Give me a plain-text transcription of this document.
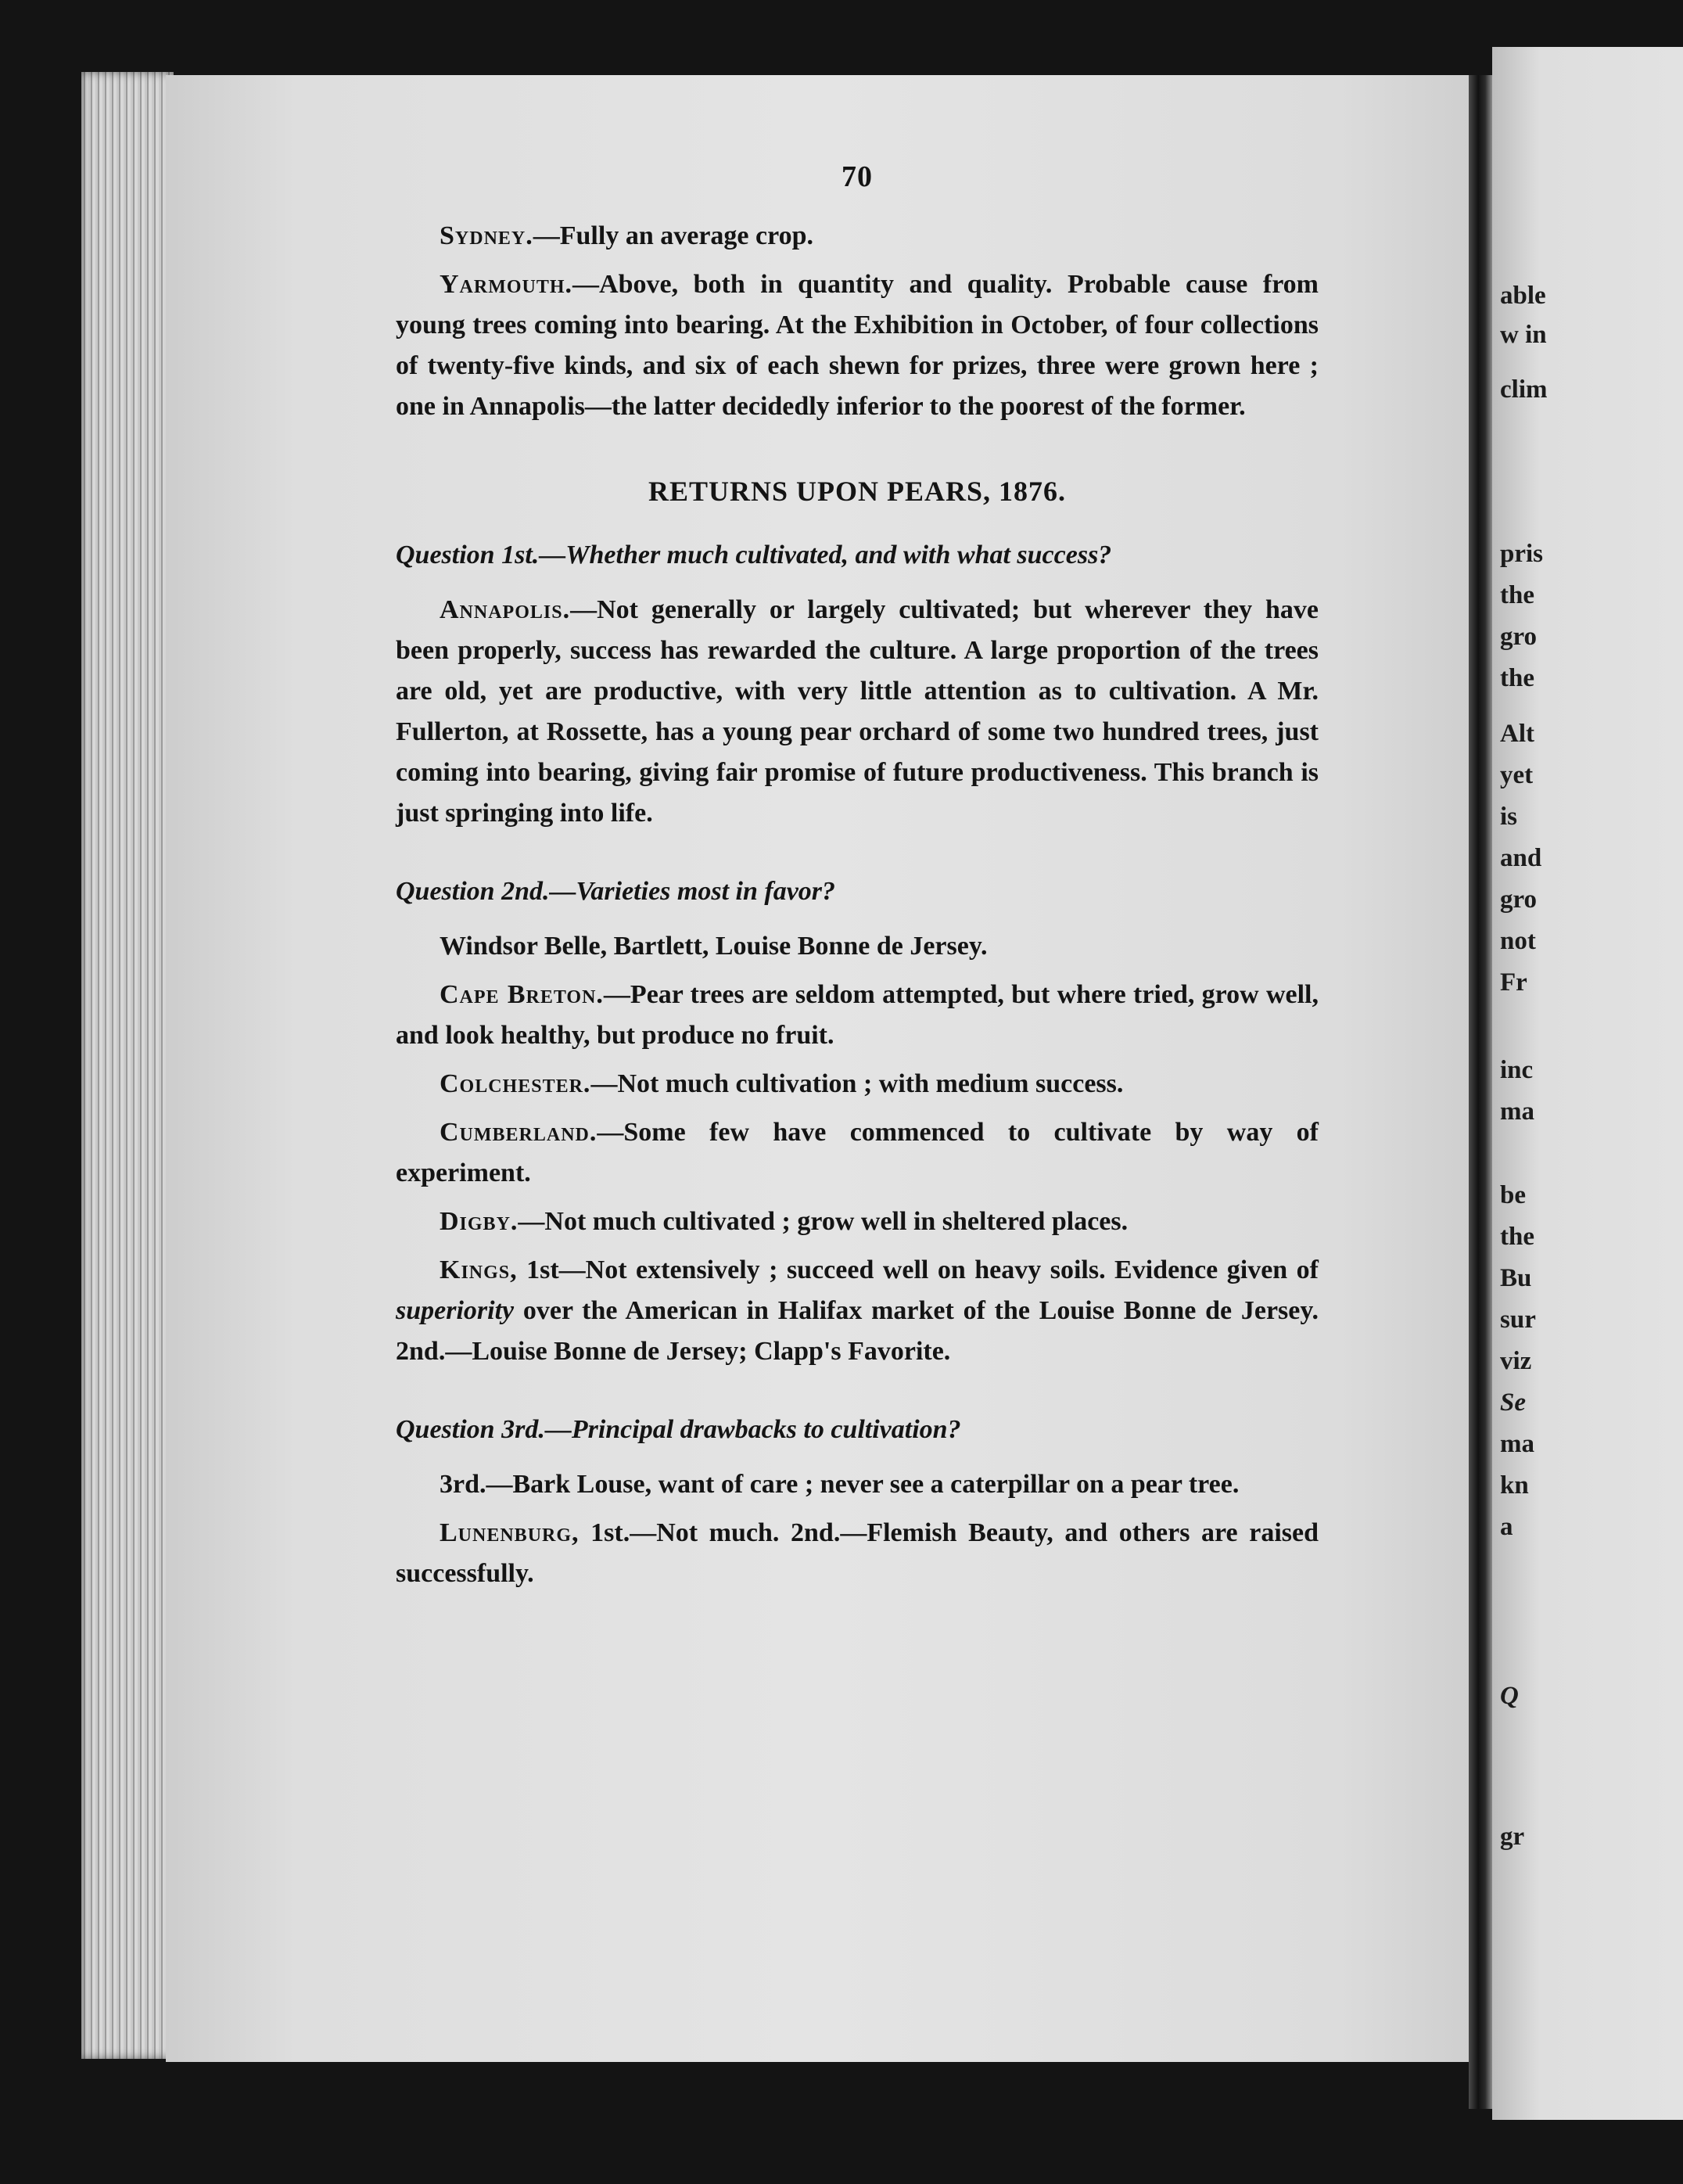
able
w in
clim
pris
the
gro
the
Alt
yet
is
and
gro
not
Fr
inc
ma
be
the
Bu
sur
viz
Se
ma
kn
a
Q
gr
70

Sydney.—Fully an average crop.

Yarmouth.—Above, both in quantity and quality. Probable cause from young trees coming into bearing. At the Exhibition in October, of four collections of twenty-five kinds, and six of each shewn for prizes, three were grown here ; one in Annapolis—the latter decidedly inferior to the poorest of the former.

RETURNS UPON PEARS, 1876.
Question 1st.—Whether much cultivated, and with what success?

Annapolis.—Not generally or largely cultivated; but wherever they have been properly, success has rewarded the culture. A large proportion of the trees are old, yet are productive, with very little attention as to cultivation. A Mr. Fullerton, at Rossette, has a young pear orchard of some two hundred trees, just coming into bearing, giving fair promise of future productiveness. This branch is just springing into life.

Question 2nd.—Varieties most in favor?

Windsor Belle, Bartlett, Louise Bonne de Jersey.

Cape Breton.—Pear trees are seldom attempted, but where tried, grow well, and look healthy, but produce no fruit.

Colchester.—Not much cultivation ; with medium success.

Cumberland.—Some few have commenced to cultivate by way of experiment.

Digby.—Not much cultivated ; grow well in sheltered places.

Kings, 1st—Not extensively ; succeed well on heavy soils. Evidence given of superiority over the American in Halifax market of the Louise Bonne de Jersey. 2nd.—Louise Bonne de Jersey; Clapp's Favorite.

Question 3rd.—Principal drawbacks to cultivation?

3rd.—Bark Louse, want of care ; never see a caterpillar on a pear tree.

Lunenburg, 1st.—Not much. 2nd.—Flemish Beauty, and others are raised successfully.
